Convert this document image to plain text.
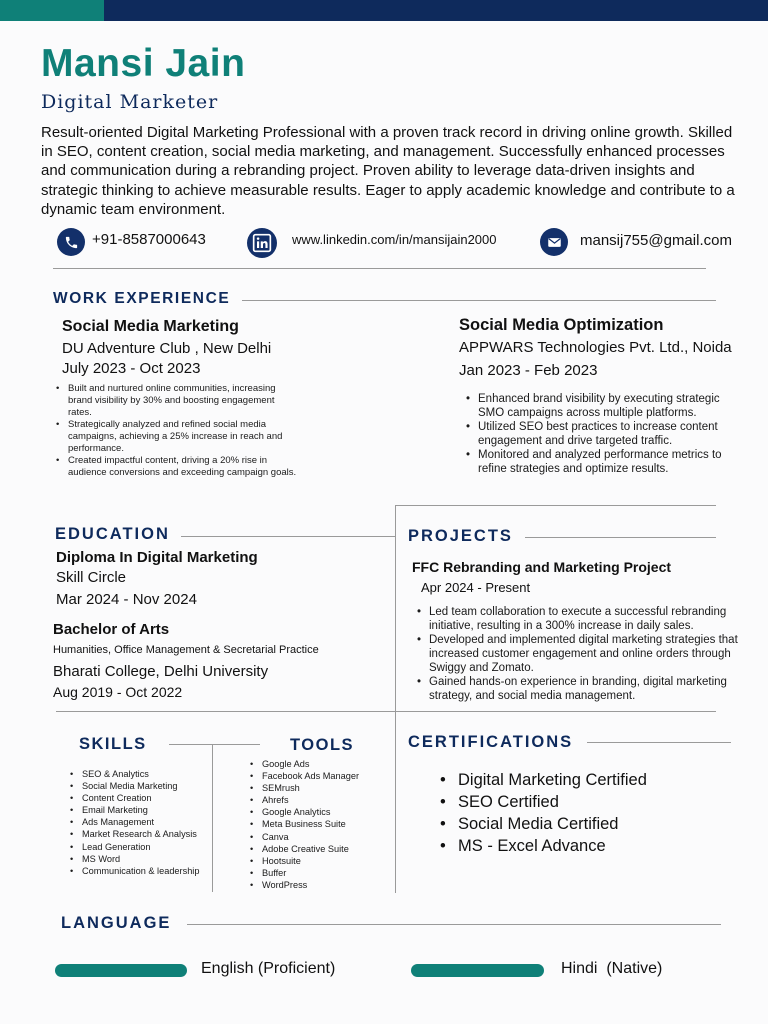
Mansi Jain
Digital Marketer
Result-oriented Digital Marketing Professional with a proven track record in driving online growth. Skilled in SEO, content creation, social media marketing, and management. Successfully enhanced processes and communication during a rebranding project. Proven ability to leverage data-driven insights and strategic thinking to achieve measurable results. Eager to apply academic knowledge and contribute to a dynamic team environment.
+91-8587000643	www.linkedin.com/in/mansijain2000	mansij755@gmail.com
WORK EXPERIENCE
Social Media Marketing
DU Adventure Club , New Delhi
July 2023 - Oct 2023
• Built and nurtured online communities, increasing brand visibility by 30% and boosting engagement rates.
• Strategically analyzed and refined social media campaigns, achieving a 25% increase in reach and performance.
• Created impactful content, driving a 20% rise in audience conversions and exceeding campaign goals.
Social Media Optimization
APPWARS Technologies Pvt. Ltd., Noida
Jan 2023 - Feb 2023
• Enhanced brand visibility by executing strategic SMO campaigns across multiple platforms.
• Utilized SEO best practices to increase content engagement and drive targeted traffic.
• Monitored and analyzed performance metrics to refine strategies and optimize results.
EDUCATION
Diploma In Digital Marketing
Skill Circle
Mar 2024 - Nov 2024
Bachelor of Arts
Humanities, Office Management & Secretarial Practice
Bharati College, Delhi University
Aug 2019 - Oct 2022
PROJECTS
FFC Rebranding and Marketing Project
Apr 2024 - Present
• Led team collaboration to execute a successful rebranding initiative, resulting in a 300% increase in daily sales.
• Developed and implemented digital marketing strategies that increased customer engagement and online orders through Swiggy and Zomato.
• Gained hands-on experience in branding, digital marketing strategy, and social media management.
SKILLS
• SEO & Analytics
• Social Media Marketing
• Content Creation
• Email Marketing
• Ads Management
• Market Research & Analysis
• Lead Generation
• MS Word
• Communication & leadership
TOOLS
• Google Ads
• Facebook Ads Manager
• SEMrush
• Ahrefs
• Google Analytics
• Meta Business Suite
• Canva
• Adobe Creative Suite
• Hootsuite
• Buffer
• WordPress
CERTIFICATIONS
• Digital Marketing Certified
• SEO Certified
• Social Media Certified
• MS - Excel Advance
LANGUAGE
English (Proficient)	Hindi  (Native)
